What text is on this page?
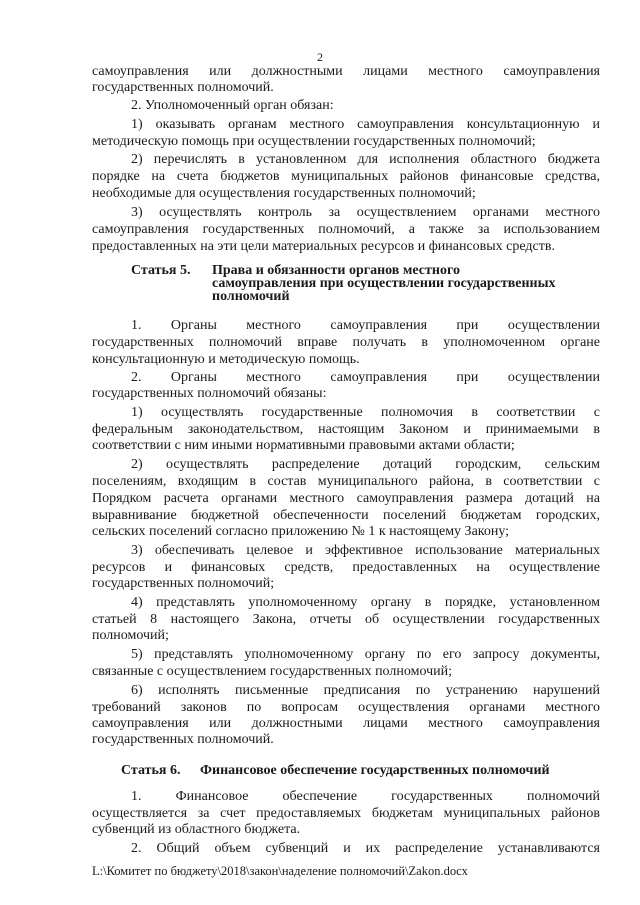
2
самоуправления или должностными лицами местного самоуправления
государственных полномочий.
2. Уполномоченный орган обязан:
1) оказывать органам местного самоуправления консультационную и
методическую помощь при осуществлении государственных полномочий;
2) перечислять в установленном для исполнения областного бюджета
порядке на счета бюджетов муниципальных районов финансовые средства,
необходимые для осуществления государственных полномочий;
3) осуществлять контроль за осуществлением органами местного
самоуправления государственных полномочий, а также за использованием
предоставленных на эти цели материальных ресурсов и финансовых средств.
Статья 5. Права и обязанности органов местного
самоуправления при осуществлении государственных
полномочий
1. Органы местного самоуправления при осуществлении
государственных полномочий вправе получать в уполномоченном органе
консультационную и методическую помощь.
2. Органы местного самоуправления при осуществлении
государственных полномочий обязаны:
1) осуществлять государственные полномочия в соответствии с
федеральным законодательством, настоящим Законом и принимаемыми в
соответствии с ним иными нормативными правовыми актами области;
2) осуществлять распределение дотаций городским, сельским
поселениям, входящим в состав муниципального района, в соответствии с
Порядком расчета органами местного самоуправления размера дотаций на
выравнивание бюджетной обеспеченности поселений бюджетам городских,
сельских поселений согласно приложению № 1 к настоящему Закону;
3) обеспечивать целевое и эффективное использование материальных
ресурсов и финансовых средств, предоставленных на осуществление
государственных полномочий;
4) представлять уполномоченному органу в порядке, установленном
статьей 8 настоящего Закона, отчеты об осуществлении государственных
полномочий;
5) представлять уполномоченному органу по его запросу документы,
связанные с осуществлением государственных полномочий;
6) исполнять письменные предписания по устранению нарушений
требований законов по вопросам осуществления органами местного
самоуправления или должностными лицами местного самоуправления
государственных полномочий.
Статья 6. Финансовое обеспечение государственных полномочий
1. Финансовое обеспечение государственных полномочий
осуществляется за счет предоставляемых бюджетам муниципальных районов
субвенций из областного бюджета.
2. Общий объем субвенций и их распределение устанавливаются
L:\Комитет по бюджету\2018\закон\наделение полномочий\Zakon.docx
